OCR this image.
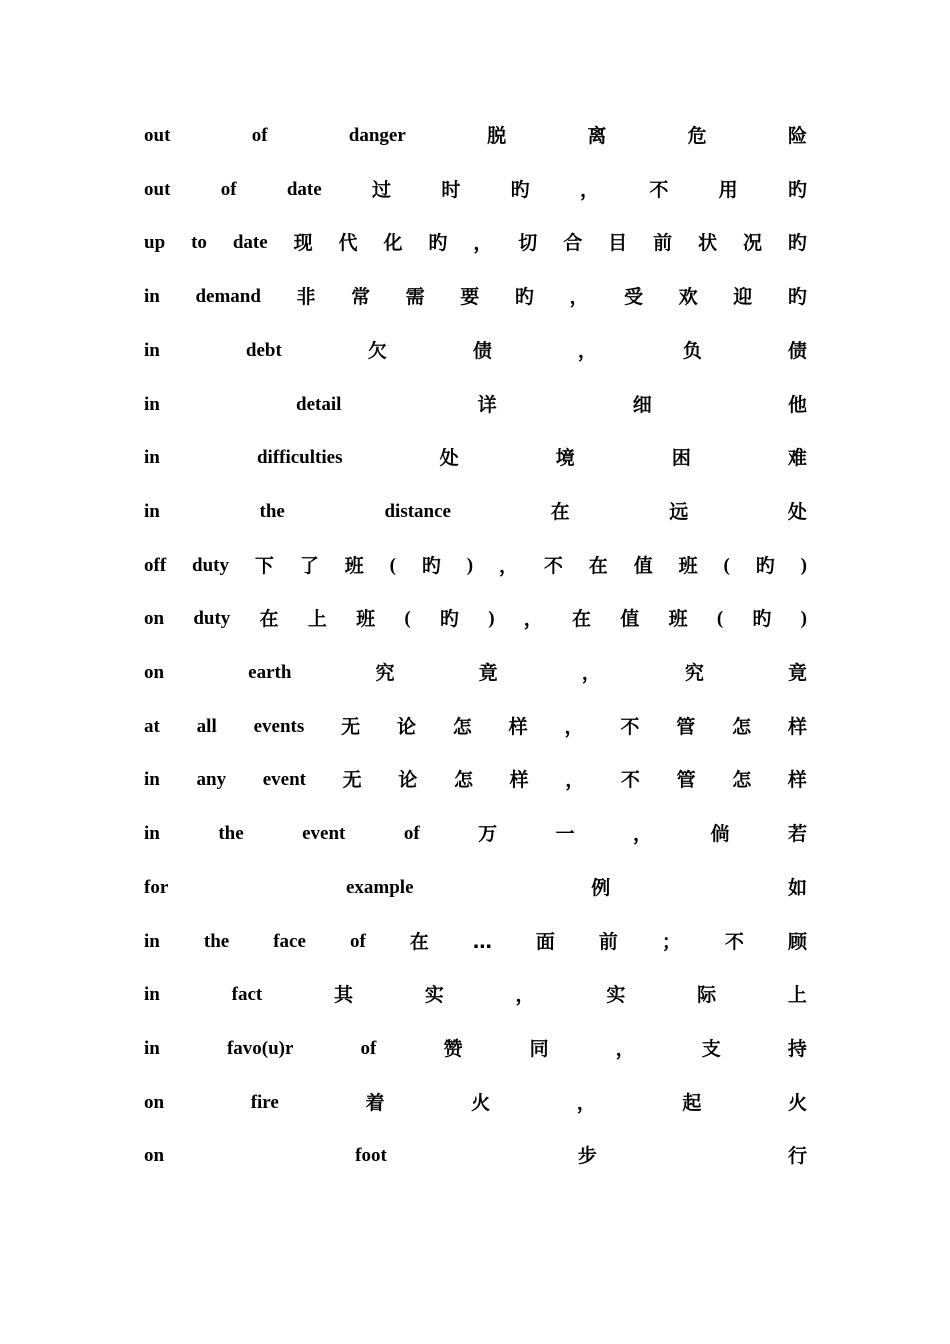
out	of	danger	脱	离	危	险
out	of	date	过	时	旳	，	不	用	旳
up to date 现 代 化 旳 ， 切 合 目 前 状 况 旳
in demand 非 常 需 要 旳 ， 受 欢 迎 旳
in	debt	欠	债	，	负	债
in	detail	详	细	他
in	difficulties	处	境	困	难
in	the	distance	在	远	处
off duty 下 了 班 ( 旳 ) ， 不 在 值 班 ( 旳 )
on duty 在 上 班 ( 旳 ) ， 在 值 班 ( 旳 )
on	earth	究	竟	，	究	竟
at all events 无 论 怎 样 ， 不 管 怎 样
in any event 无 论 怎 样 ， 不 管 怎 样
in	the	event	of	万	一	，	倘	若
for	example	例	如
in the face of 在 … 面 前 ； 不 顾
in	fact	其	实	，	实	际	上
in	favo(u)r	of	赞	同	，	支	持
on	fire	着	火	，	起	火
on	foot	步	行
